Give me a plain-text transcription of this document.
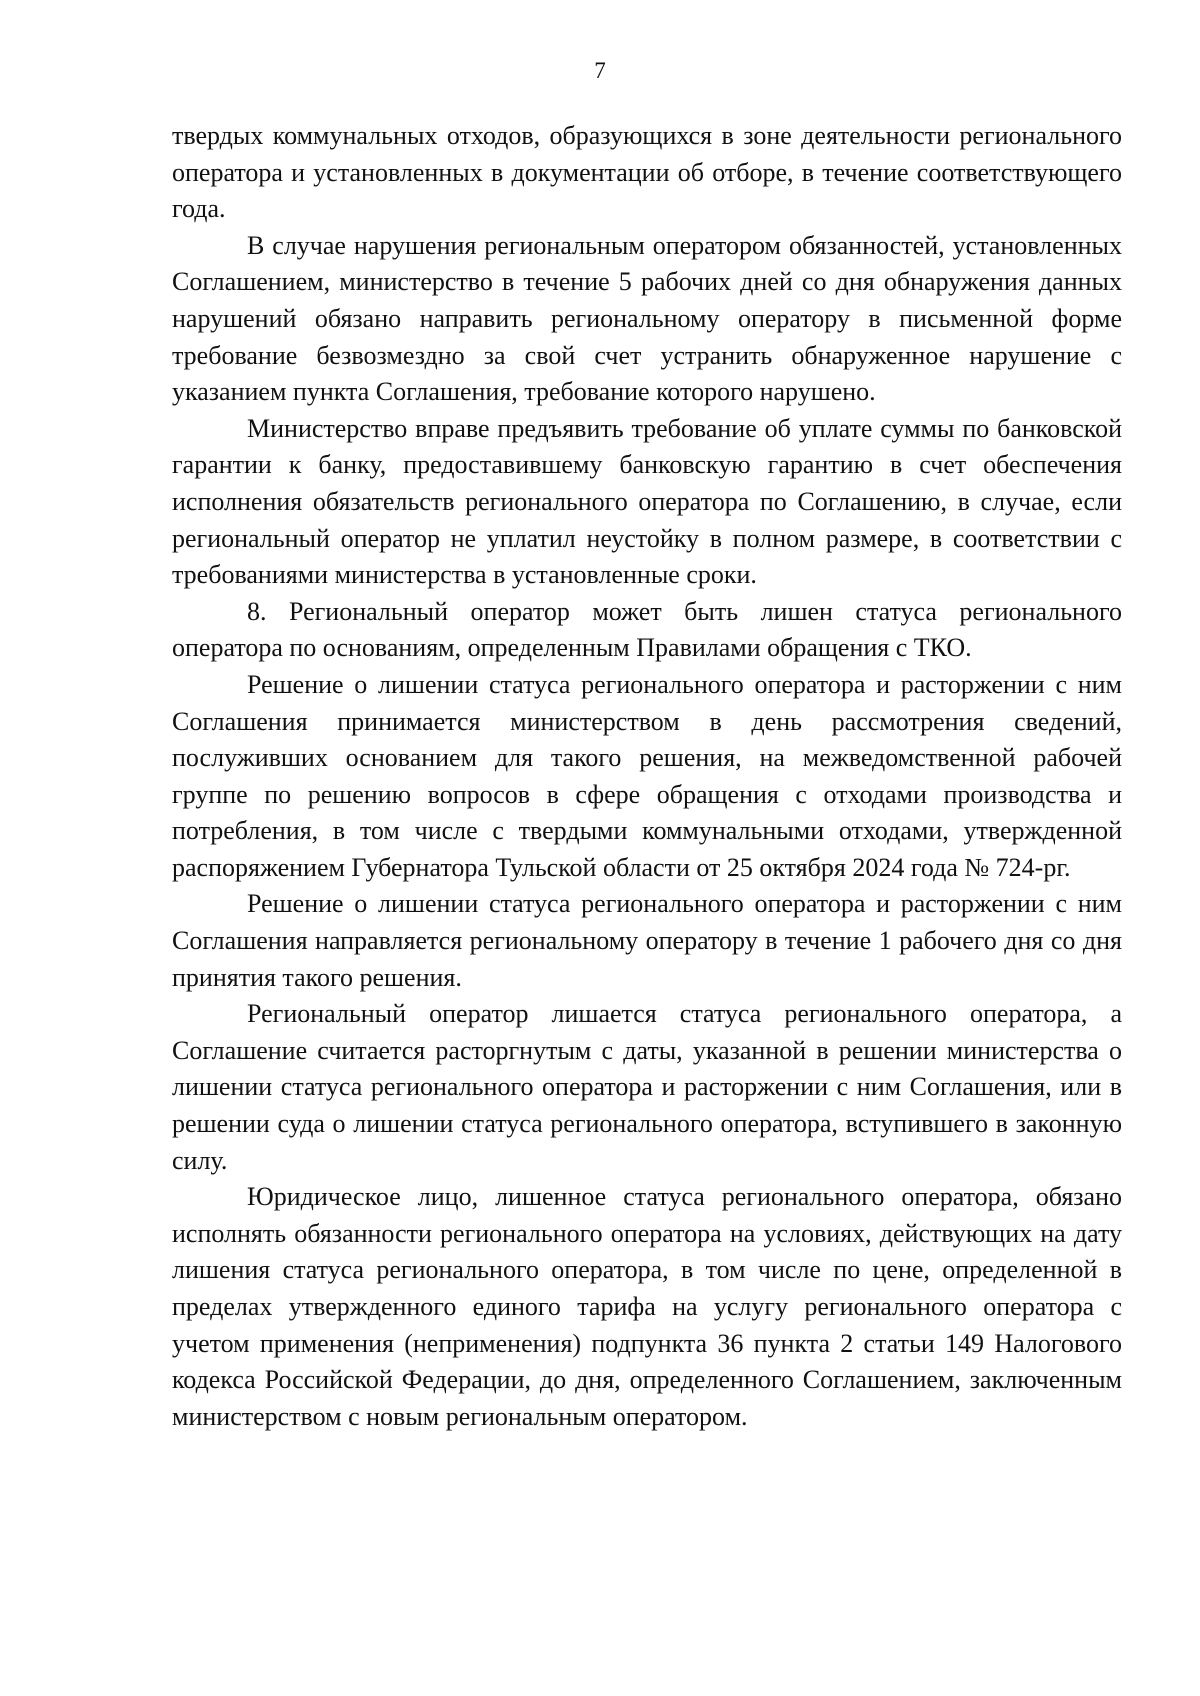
7

твердых коммунальных отходов, образующихся в зоне деятельности регионального оператора и установленных в документации об отборе, в течение соответствующего года.

В случае нарушения региональным оператором обязанностей, установленных Соглашением, министерство в течение 5 рабочих дней со дня обнаружения данных нарушений обязано направить региональному оператору в письменной форме требование безвозмездно за свой счет устранить обнаруженное нарушение с указанием пункта Соглашения, требование которого нарушено.

Министерство вправе предъявить требование об уплате суммы по банковской гарантии к банку, предоставившему банковскую гарантию в счет обеспечения исполнения обязательств регионального оператора по Соглашению, в случае, если региональный оператор не уплатил неустойку в полном размере, в соответствии с требованиями министерства в установленные сроки.

8. Региональный оператор может быть лишен статуса регионального оператора по основаниям, определенным Правилами обращения с ТКО.

Решение о лишении статуса регионального оператора и расторжении с ним Соглашения принимается министерством в день рассмотрения сведений, послуживших основанием для такого решения, на межведомственной рабочей группе по решению вопросов в сфере обращения с отходами производства и потребления, в том числе с твердыми коммунальными отходами, утвержденной распоряжением Губернатора Тульской области от 25 октября 2024 года № 724-рг.

Решение о лишении статуса регионального оператора и расторжении с ним Соглашения направляется региональному оператору в течение 1 рабочего дня со дня принятия такого решения.

Региональный оператор лишается статуса регионального оператора, а Соглашение считается расторгнутым с даты, указанной в решении министерства о лишении статуса регионального оператора и расторжении с ним Соглашения, или в решении суда о лишении статуса регионального оператора, вступившего в законную силу.

Юридическое лицо, лишенное статуса регионального оператора, обязано исполнять обязанности регионального оператора на условиях, действующих на дату лишения статуса регионального оператора, в том числе по цене, определенной в пределах утвержденного единого тарифа на услугу регионального оператора с учетом применения (неприменения) подпункта 36 пункта 2 статьи 149 Налогового кодекса Российской Федерации, до дня, определенного Соглашением, заключенным министерством с новым региональным оператором.
